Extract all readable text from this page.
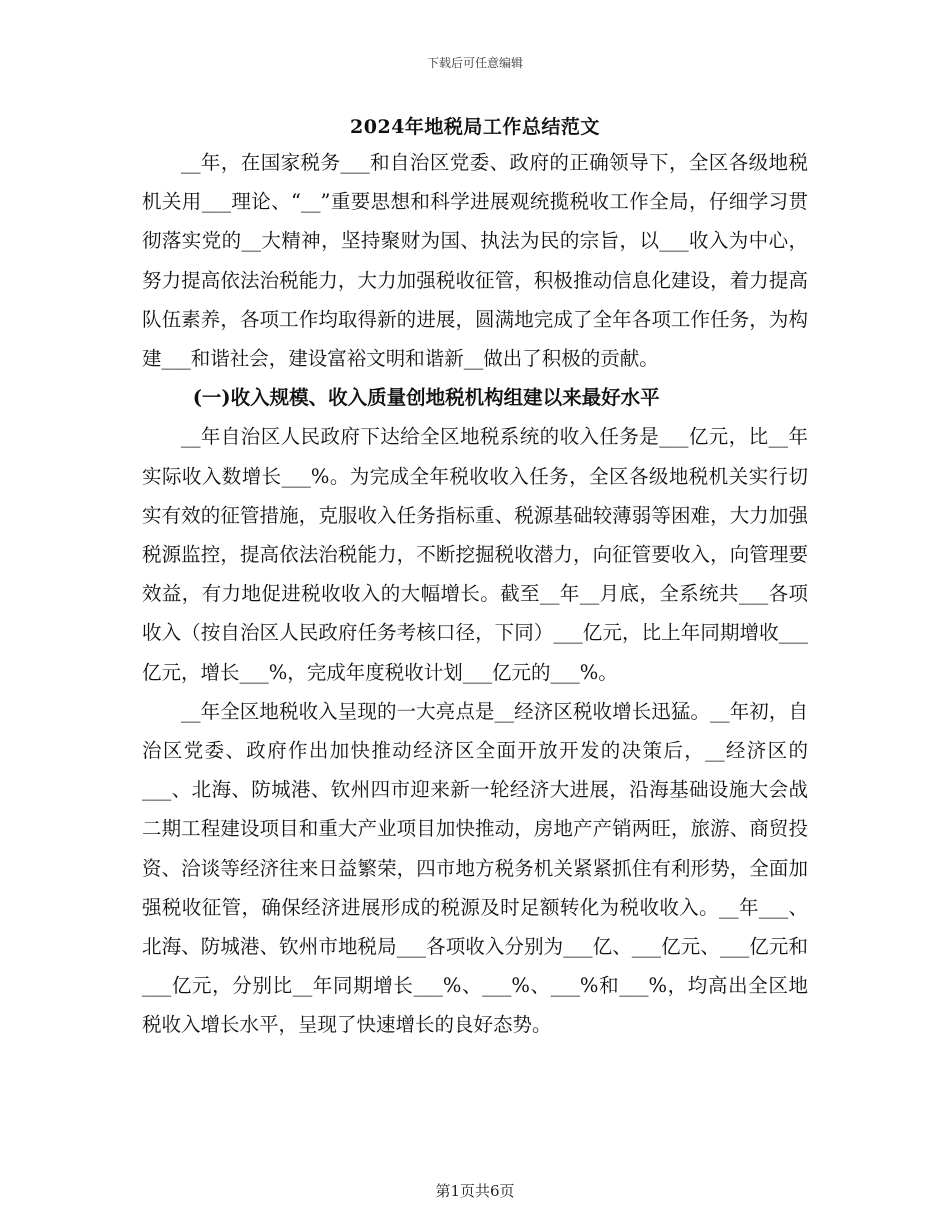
下载后可任意编辑
2024年地税局工作总结范文

__年，在国家税务___和自治区党委、政府的正确领导下，全区各级地税机关用___理论、“__”重要思想和科学进展观统揽税收工作全局，仔细学习贯彻落实党的__大精神，坚持聚财为国、执法为民的宗旨，以___收入为中心，努力提高依法治税能力，大力加强税收征管，积极推动信息化建设，着力提高队伍素养，各项工作均取得新的进展，圆满地完成了全年各项工作任务，为构建___和谐社会，建设富裕文明和谐新__做出了积极的贡献。

(一)收入规模、收入质量创地税机构组建以来最好水平

__年自治区人民政府下达给全区地税系统的收入任务是___亿元，比__年实际收入数增长___%。为完成全年税收收入任务，全区各级地税机关实行切实有效的征管措施，克服收入任务指标重、税源基础较薄弱等困难，大力加强税源监控，提高依法治税能力，不断挖掘税收潜力，向征管要收入，向管理要效益，有力地促进税收收入的大幅增长。截至__年__月底，全系统共___各项收入（按自治区人民政府任务考核口径，下同）___亿元，比上年同期增收___亿元，增长___%，完成年度税收计划___亿元的___%。

__年全区地税收入呈现的一大亮点是__经济区税收增长迅猛。__年初，自治区党委、政府作出加快推动经济区全面开放开发的决策后，__经济区的___、北海、防城港、钦州四市迎来新一轮经济大进展，沿海基础设施大会战二期工程建设项目和重大产业项目加快推动，房地产产销两旺，旅游、商贸投资、洽谈等经济往来日益繁荣，四市地方税务机关紧紧抓住有利形势，全面加强税收征管，确保经济进展形成的税源及时足额转化为税收收入。__年___、北海、防城港、钦州市地税局___各项收入分别为___亿、___亿元、___亿元和___亿元，分别比__年同期增长___%、___%、___%和___%，均高出全区地税收入增长水平，呈现了快速增长的良好态势。

第1页共6页
